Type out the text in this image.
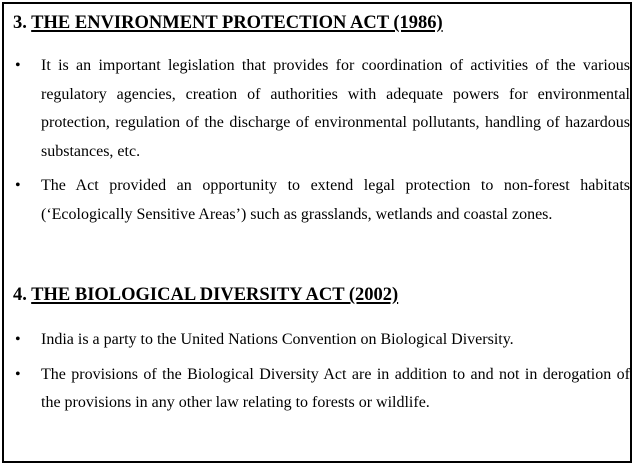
3. THE ENVIRONMENT PROTECTION ACT (1986)
• It is an important legislation that provides for coordination of activities of the various regulatory agencies, creation of authorities with adequate powers for environmental protection, regulation of the discharge of environmental pollutants, handling of hazardous substances, etc.
• The Act provided an opportunity to extend legal protection to non-forest habitats (‘Ecologically Sensitive Areas’) such as grasslands, wetlands and coastal zones.
4. THE BIOLOGICAL DIVERSITY ACT (2002)
• India is a party to the United Nations Convention on Biological Diversity.
• The provisions of the Biological Diversity Act are in addition to and not in derogation of the provisions in any other law relating to forests or wildlife.
